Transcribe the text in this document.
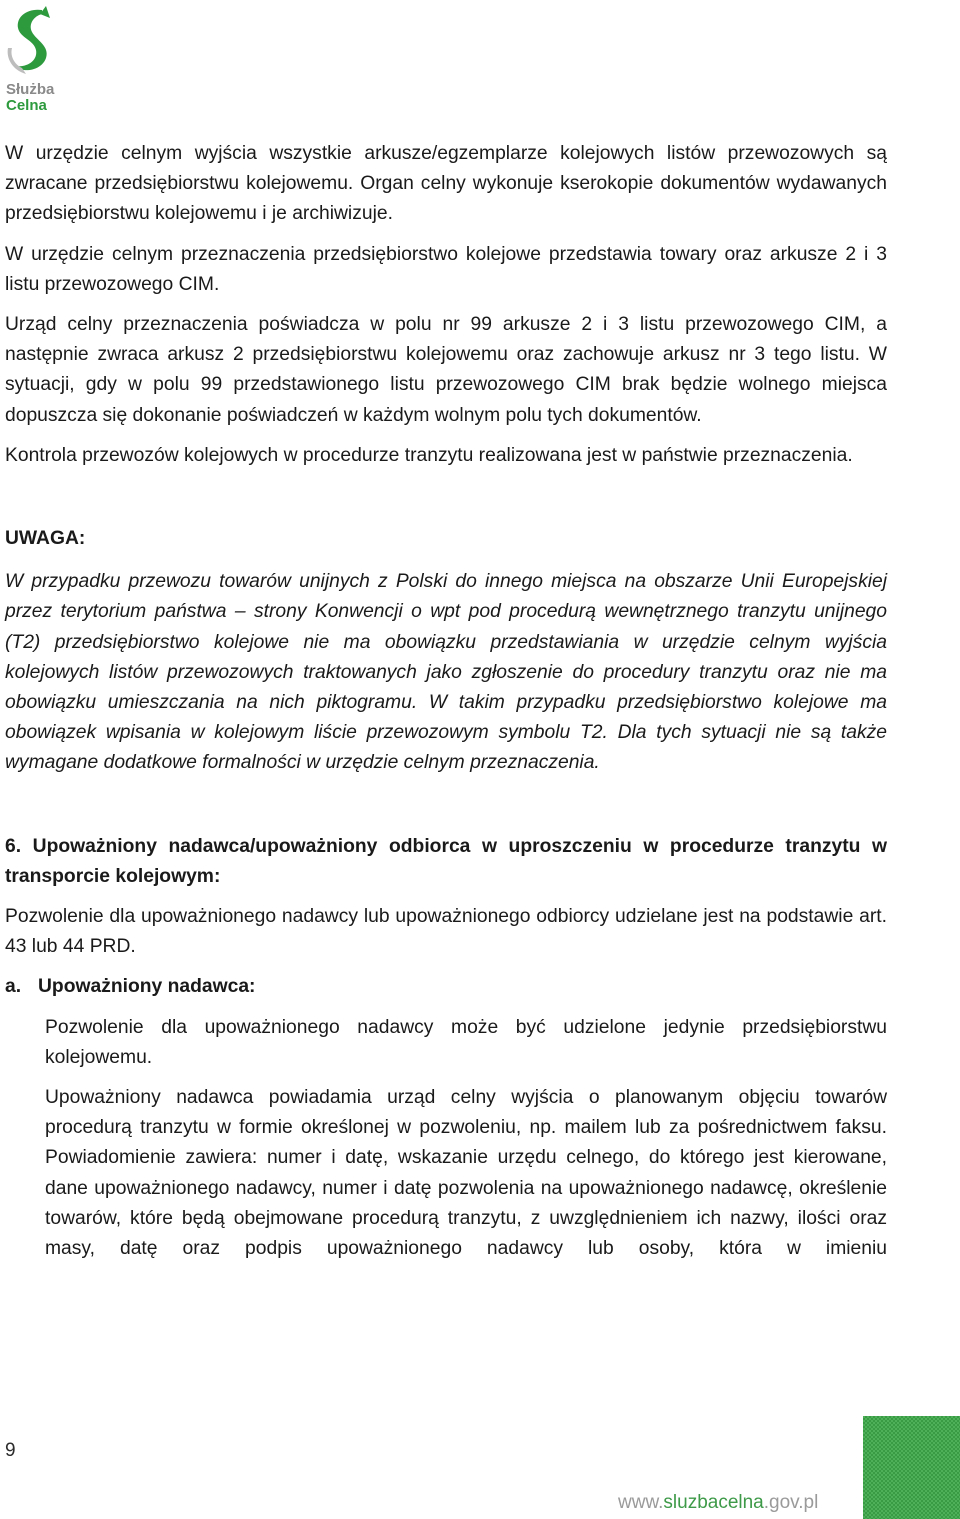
Służba
Celna

W urzędzie celnym wyjścia wszystkie arkusze/egzemplarze kolejowych listów przewozowych są zwracane przedsiębiorstwu kolejowemu. Organ celny wykonuje kserokopie dokumentów wydawanych przedsiębiorstwu kolejowemu i je archiwizuje.

W urzędzie celnym przeznaczenia przedsiębiorstwo kolejowe przedstawia towary oraz arkusze 2 i 3 listu przewozowego CIM.

Urząd celny przeznaczenia poświadcza w polu nr 99 arkusze 2 i 3 listu przewozowego CIM, a następnie zwraca arkusz 2 przedsiębiorstwu kolejowemu oraz zachowuje arkusz nr 3 tego listu. W sytuacji, gdy w polu 99 przedstawionego listu przewozowego CIM brak będzie wolnego miejsca dopuszcza się dokonanie poświadczeń w każdym wolnym polu tych dokumentów.

Kontrola przewozów kolejowych w procedurze tranzytu realizowana jest w państwie przeznaczenia.

UWAGA:

W przypadku przewozu towarów unijnych z Polski do innego miejsca na obszarze Unii Europejskiej przez terytorium państwa – strony Konwencji o wpt pod procedurą wewnętrznego tranzytu unijnego (T2) przedsiębiorstwo kolejowe nie ma obowiązku przedstawiania w urzędzie celnym wyjścia kolejowych listów przewozowych traktowanych jako zgłoszenie do procedury tranzytu oraz nie ma obowiązku umieszczania na nich piktogramu. W takim przypadku przedsiębiorstwo kolejowe ma obowiązek wpisania w kolejowym liście przewozowym symbolu T2. Dla tych sytuacji nie są także wymagane dodatkowe formalności w urzędzie celnym przeznaczenia.

6. Upoważniony nadawca/upoważniony odbiorca w uproszczeniu w procedurze tranzytu w transporcie kolejowym:

Pozwolenie dla upoważnionego nadawcy lub upoważnionego odbiorcy udzielane jest na podstawie art. 43 lub 44 PRD.

a. Upoważniony nadawca:

Pozwolenie dla upoważnionego nadawcy może być udzielone jedynie przedsiębiorstwu kolejowemu.

Upoważniony nadawca powiadamia urząd celny wyjścia o planowanym objęciu towarów procedurą tranzytu w formie określonej w pozwoleniu, np. mailem lub za pośrednictwem faksu. Powiadomienie zawiera: numer i datę, wskazanie urzędu celnego, do którego jest kierowane, dane upoważnionego nadawcy, numer i datę pozwolenia na upoważnionego nadawcę, określenie towarów, które będą obejmowane procedurą tranzytu, z uwzględnieniem ich nazwy, ilości oraz masy, datę oraz podpis upoważnionego nadawcy lub osoby, która w imieniu

9
www.sluzbacelna.gov.pl
